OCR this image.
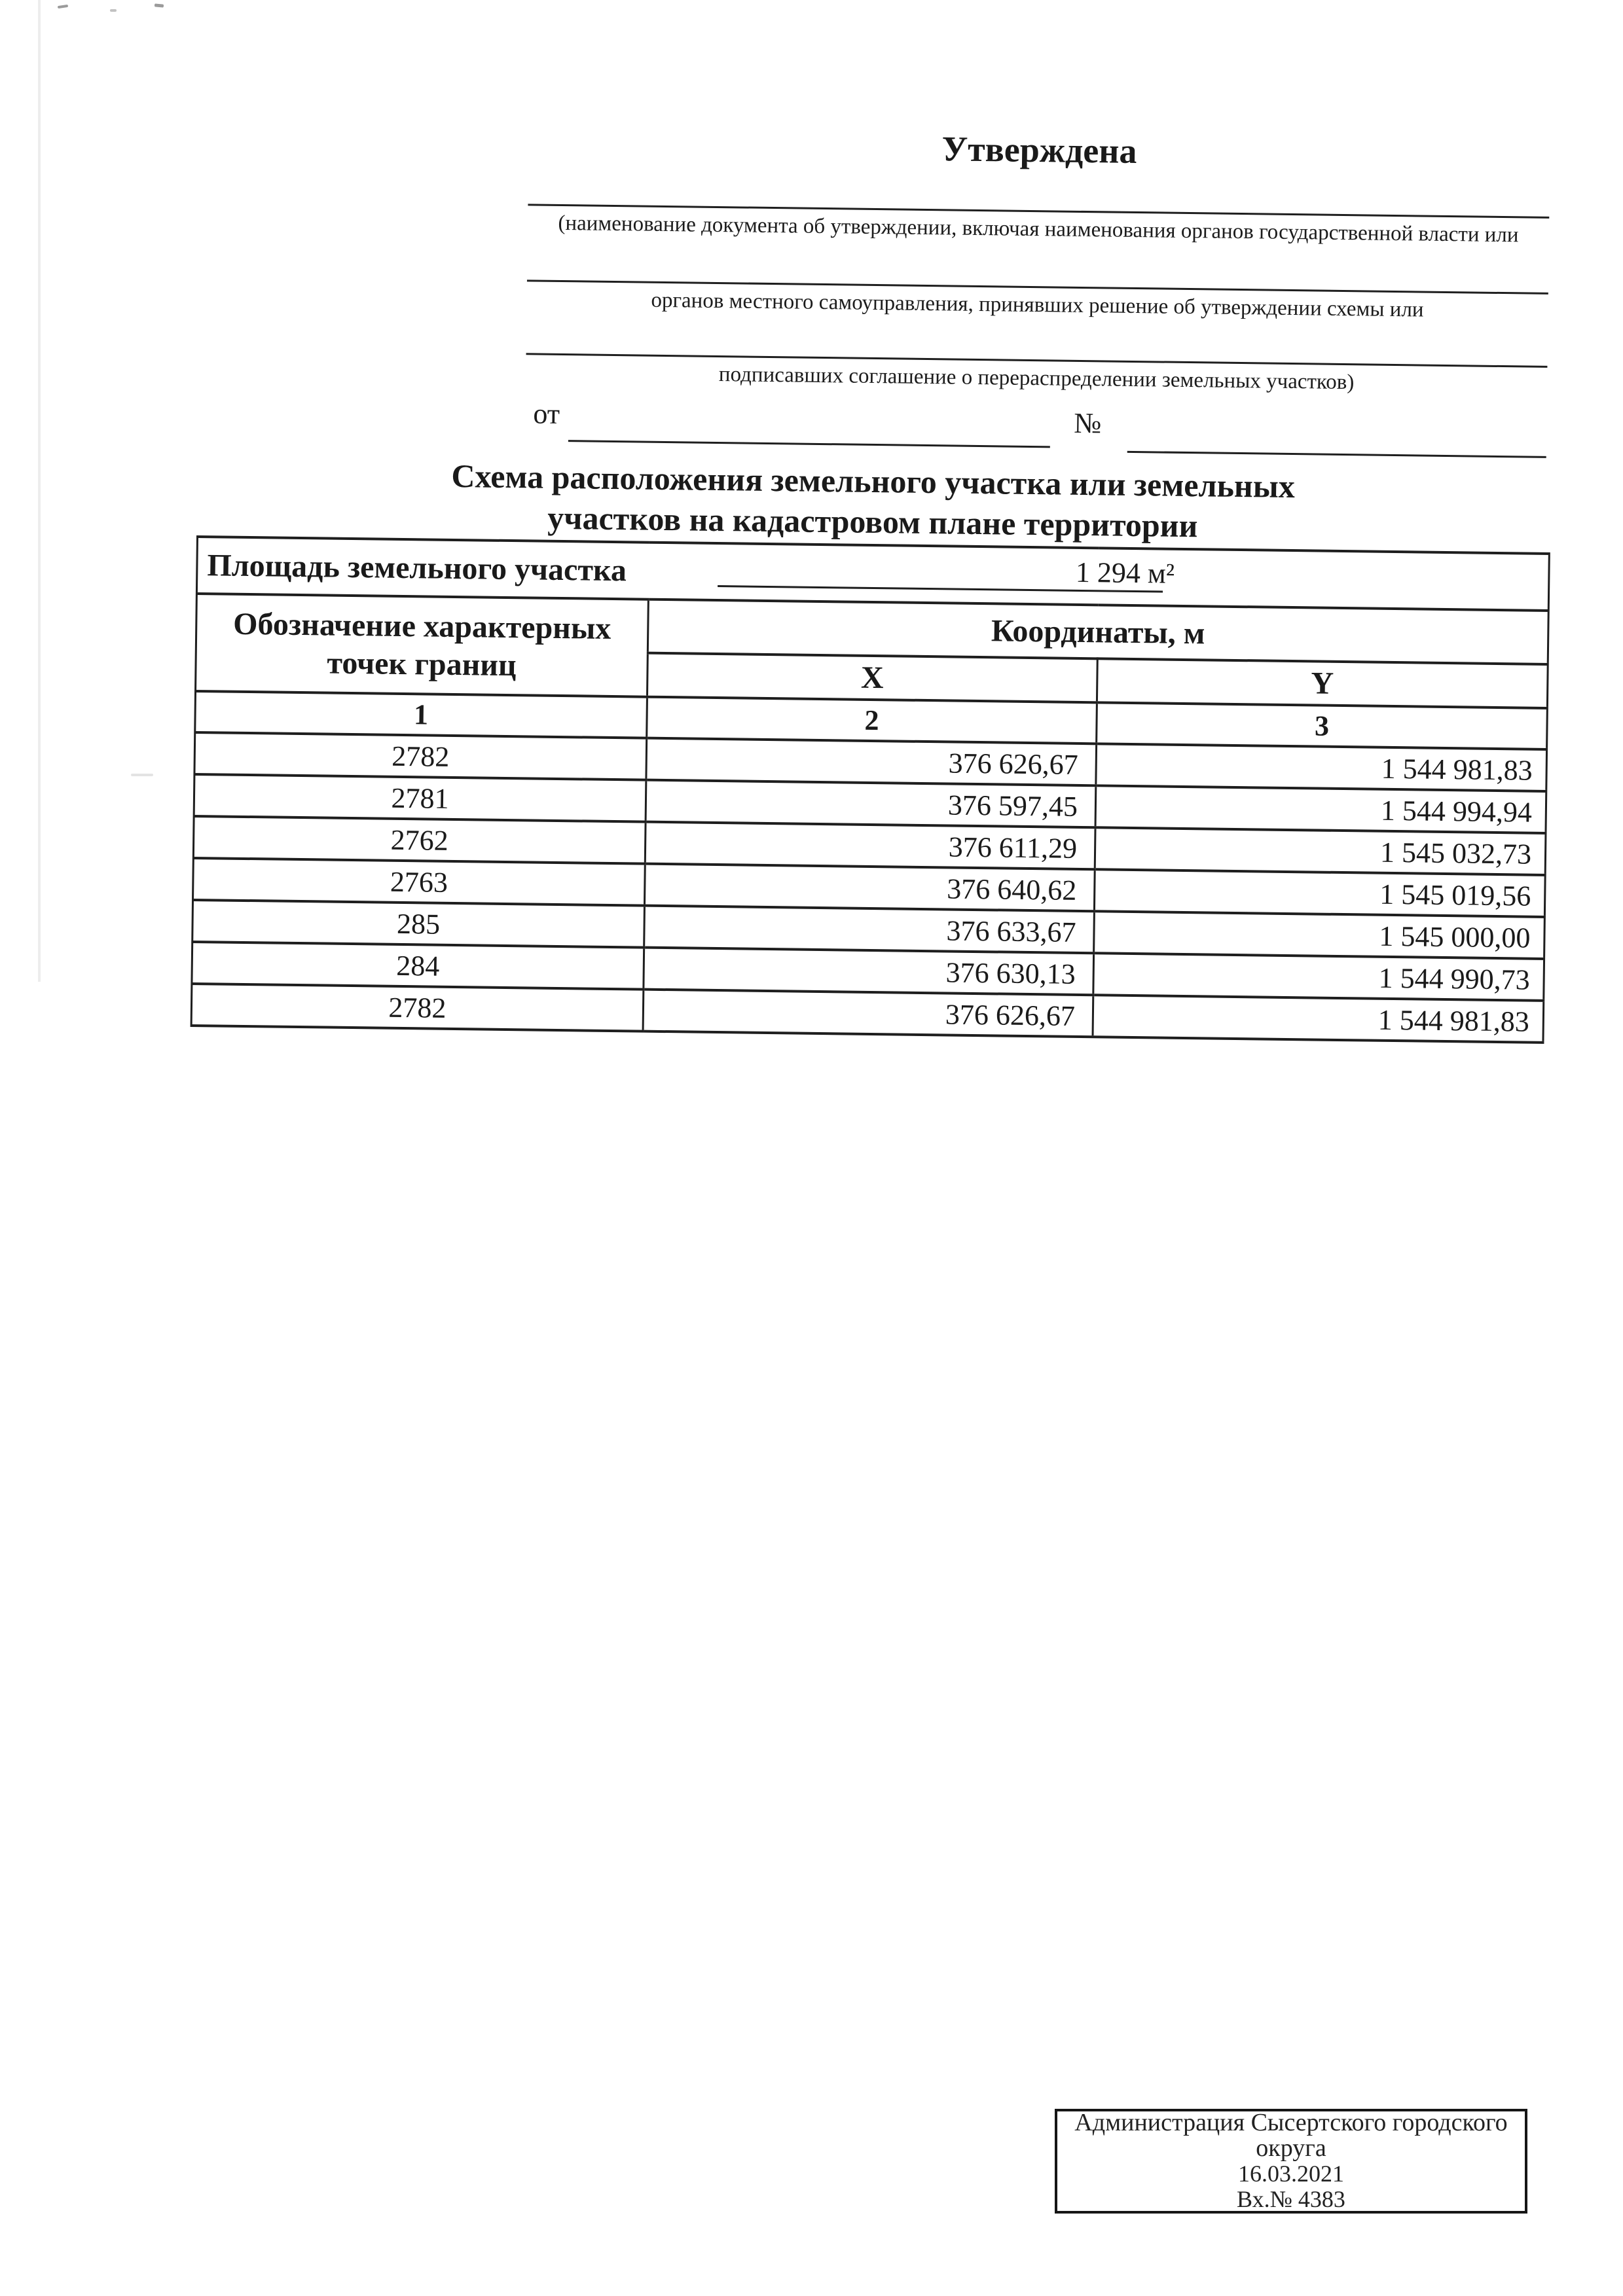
Утверждена
(наименование документа об утверждении, включая наименования органов государственной власти или
органов местного самоуправления, принявших решение об утверждении схемы или
подписавших соглашение о перераспределении земельных участков)
от	№
Схема расположения земельного участка или земельных
участков на кадастровом плане территории
Площадь земельного участка	1 294 м²	

Обозначение характерных точек границ	Координаты, м	
	X	Y
1	2	3
2782	376 626,67	1 544 981,83
2781	376 597,45	1 544 994,94
2762	376 611,29	1 545 032,73
2763	376 640,62	1 545 019,56
285	376 633,67	1 545 000,00
284	376 630,13	1 544 990,73
2782	376 626,67	1 544 981,83
Администрация Сысертского городского
округа
16.03.2021
Вх.№ 4383
